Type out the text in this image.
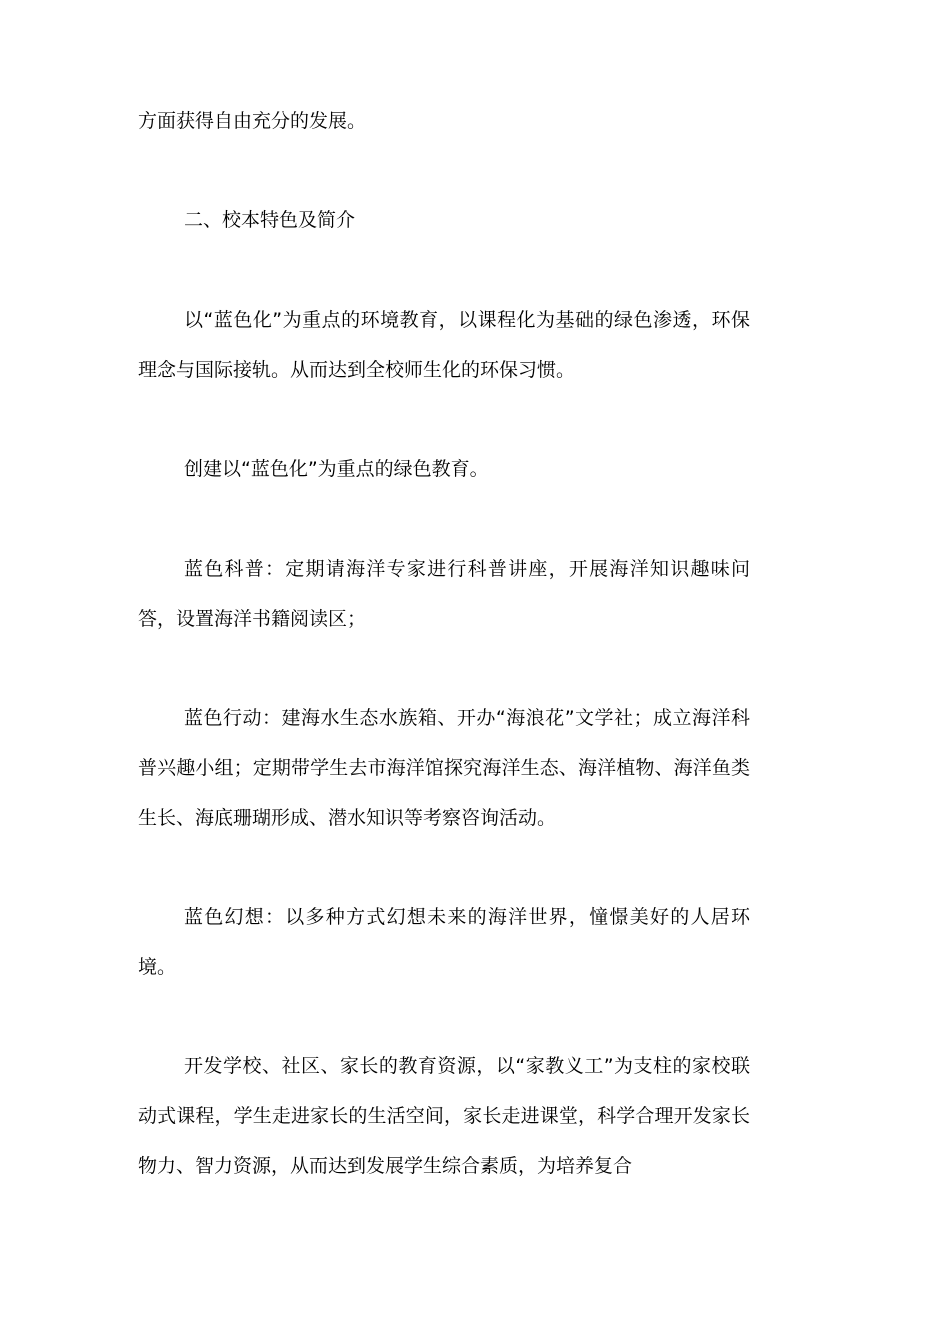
方面获得自由充分的发展。

二、校本特色及简介

以“蓝色化”为重点的环境教育，以课程化为基础的绿色渗透，环保理念与国际接轨。从而达到全校师生化的环保习惯。

创建以“蓝色化”为重点的绿色教育。

蓝色科普：定期请海洋专家进行科普讲座，开展海洋知识趣味问答，设置海洋书籍阅读区；

蓝色行动：建海水生态水族箱、开办“海浪花”文学社；成立海洋科普兴趣小组；定期带学生去市海洋馆探究海洋生态、海洋植物、海洋鱼类生长、海底珊瑚形成、潜水知识等考察咨询活动。

蓝色幻想：以多种方式幻想未来的海洋世界，憧憬美好的人居环境。

开发学校、社区、家长的教育资源，以“家教义工”为支柱的家校联动式课程，学生走进家长的生活空间，家长走进课堂，科学合理开发家长物力、智力资源，从而达到发展学生综合素质，为培养复合
